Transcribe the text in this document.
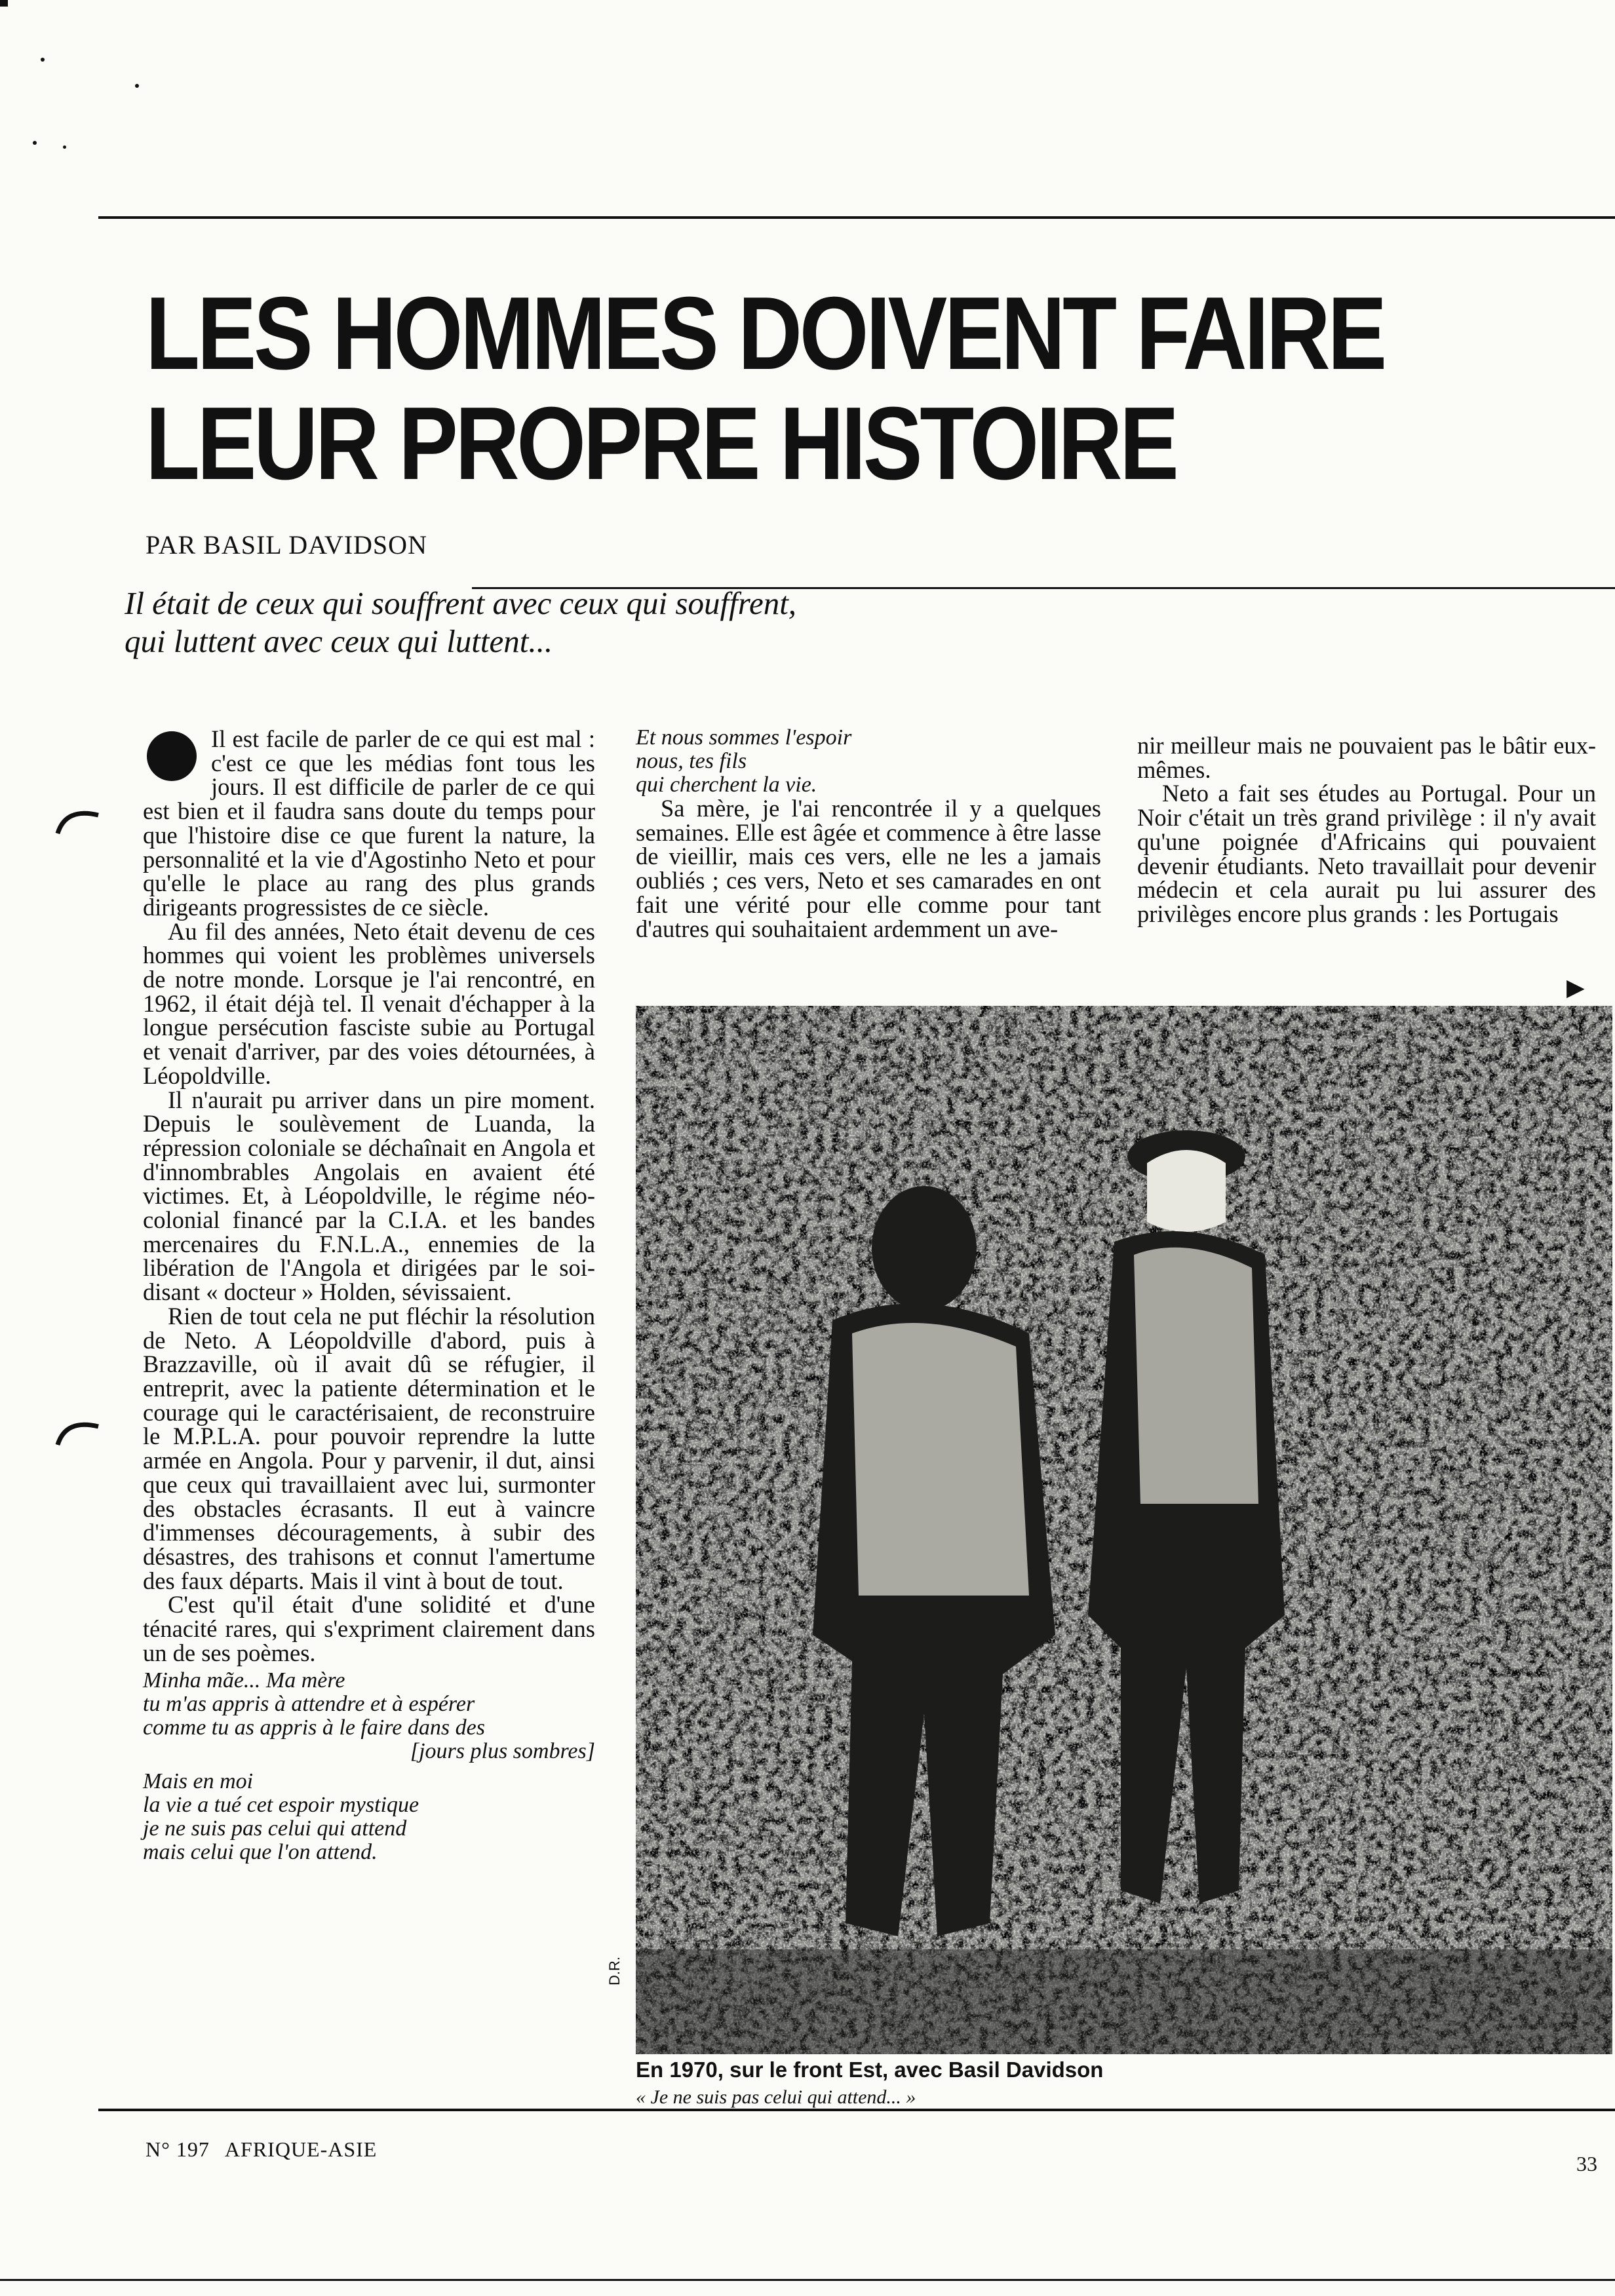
LES HOMMES DOIVENT FAIRE
LEUR PROPRE HISTOIRE
PAR BASIL DAVIDSON
Il était de ceux qui souffrent avec ceux qui souffrent,
qui luttent avec ceux qui luttent...

Il est facile de parler de ce qui est mal : c'est ce que les médias font tous les jours. Il est difficile de parler de ce qui est bien et il faudra sans doute du temps pour que l'histoire dise ce que furent la nature, la personnalité et la vie d'Agostinho Neto et pour qu'elle le place au rang des plus grands dirigeants progressistes de ce siècle.

Au fil des années, Neto était devenu de ces hommes qui voient les problèmes universels de notre monde. Lorsque je l'ai rencontré, en 1962, il était déjà tel. Il venait d'échapper à la longue persécution fasciste subie au Portugal et venait d'arriver, par des voies détournées, à Léopoldville.

Il n'aurait pu arriver dans un pire moment. Depuis le soulèvement de Luanda, la répression coloniale se déchaînait en Angola et d'innombrables Angolais en avaient été victimes. Et, à Léopoldville, le régime néo-colonial financé par la C.I.A. et les bandes mercenaires du F.N.L.A., ennemies de la libération de l'Angola et dirigées par le soi-disant « docteur » Holden, sévissaient.

Rien de tout cela ne put fléchir la résolution de Neto. A Léopoldville d'abord, puis à Brazzaville, où il avait dû se réfugier, il entreprit, avec la patiente détermination et le courage qui le caractérisaient, de reconstruire le M.P.L.A. pour pouvoir reprendre la lutte armée en Angola. Pour y parvenir, il dut, ainsi que ceux qui travaillaient avec lui, surmonter des obstacles écrasants. Il eut à vaincre d'immenses découragements, à subir des désastres, des trahisons et connut l'amertume des faux départs. Mais il vint à bout de tout.

C'est qu'il était d'une solidité et d'une ténacité rares, qui s'expriment clairement dans un de ses poèmes.

Minha mãe... Ma mère
tu m'as appris à attendre et à espérer
comme tu as appris à le faire dans des
[jours plus sombres]
Mais en moi
la vie a tué cet espoir mystique
je ne suis pas celui qui attend
mais celui que l'on attend.
Et nous sommes l'espoir
nous, tes fils
qui cherchent la vie.

Sa mère, je l'ai rencontrée il y a quelques semaines. Elle est âgée et commence à être lasse de vieillir, mais ces vers, elle ne les a jamais oubliés ; ces vers, Neto et ses camarades en ont fait une vérité pour elle comme pour tant d'autres qui souhaitaient ardemment un ave-

nir meilleur mais ne pouvaient pas le bâtir eux-mêmes.

Neto a fait ses études au Portugal. Pour un Noir c'était un très grand privilège : il n'y avait qu'une poignée d'Africains qui pouvaient devenir étudiants. Neto travaillait pour devenir médecin et cela aurait pu lui assurer des privilèges encore plus grands : les Portugais

▶
D.R.
En 1970, sur le front Est, avec Basil Davidson
« Je ne suis pas celui qui attend... »
N° 197 AFRIQUE-ASIE
33
